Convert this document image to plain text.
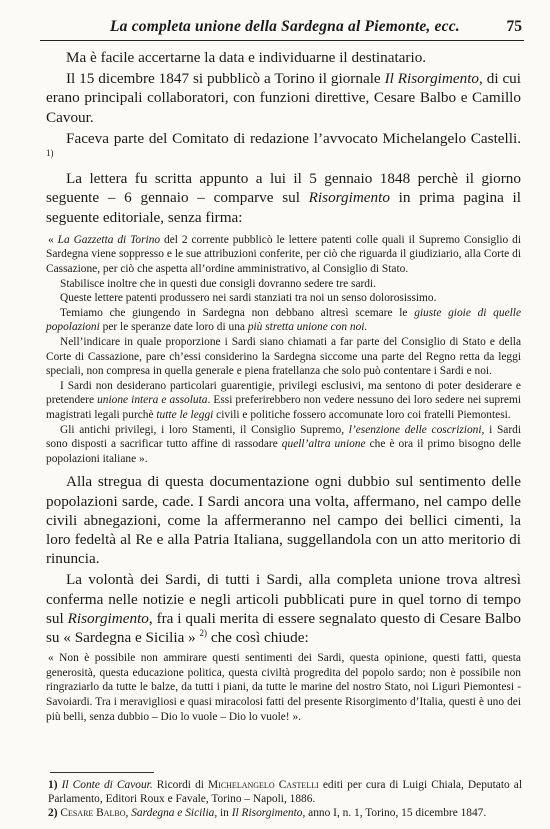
La completa unione della Sardegna al Piemonte, ecc.	75

Ma è facile accertarne la data e individuarne il destinatario.

Il 15 dicembre 1847 si pubblicò a Torino il giornale Il Risorgimento, di cui erano principali collaboratori, con funzioni direttive, Cesare Balbo e Camillo Cavour.

Faceva parte del Comitato di redazione l’avvocato Michelangelo Castelli. $^{1)}$

La lettera fu scritta appunto a lui il 5 gennaio 1848 perchè il giorno seguente – 6 gennaio – comparve sul Risorgimento in prima pagina il seguente editoriale, senza firma:

« La Gazzetta di Torino del 2 corrente pubblicò le lettere patenti colle quali il Supremo Consiglio di Sardegna viene soppresso e le sue attribuzioni conferite, per ciò che riguarda il giudiziario, alla Corte di Cassazione, per ciò che aspetta all’ordine amministrativo, al Consiglio di Stato.

Stabilisce inoltre che in questi due consigli dovranno sedere tre sardi.

Queste lettere patenti produssero nei sardi stanziati tra noi un senso dolorosissimo.

Temiamo che giungendo in Sardegna non debbano altresì scemare le giuste gioie di quelle popolazioni per le speranze date loro di una più stretta unione con noi.

Nell’indicare in quale proporzione i Sardi siano chiamati a far parte del Consiglio di Stato e della Corte di Cassazione, pare ch’essi considerino la Sardegna siccome una parte del Regno retta da leggi speciali, non compresa in quella generale e piena fratellanza che solo può contentare i Sardi e noi.

I Sardi non desiderano particolari guarentigie, privilegi esclusivi, ma sentono di poter desiderare e pretendere unione intera e assoluta. Essi preferirebbero non vedere nessuno dei loro sedere nei supremi magistrati legali purchè tutte le leggi civili e politiche fossero accomunate loro coi fratelli Piemontesi.

Gli antichi privilegi, i loro Stamenti, il Consiglio Supremo, l’esenzione delle coscrizioni, i Sardi sono disposti a sacrificar tutto affine di rassodare quell’altra unione che è ora il primo bisogno delle popolazioni italiane ».

Alla stregua di questa documentazione ogni dubbio sul sentimento delle popolazioni sarde, cade. I Sardi ancora una volta, affermano, nel campo delle civili abnegazioni, come la affermeranno nel campo dei bellici cimenti, la loro fedeltà al Re e alla Patria Italiana, suggellandola con un atto meritorio di rinuncia.

La volontà dei Sardi, di tutti i Sardi, alla completa unione trova altresì conferma nelle notizie e negli articoli pubblicati pure in quel torno di tempo sul Risorgimento, fra i quali merita di essere segnalato questo di Cesare Balbo su « Sardegna e Sicilia » $^{2)}$ che così chiude:

« Non è possibile non ammirare questi sentimenti dei Sardi, questa opinione, questi fatti, questa generosità, questa educazione politica, questa civiltà progredita del popolo sardo; non è possibile non ringraziarlo da tutte le balze, da tutti i piani, da tutte le marine del nostro Stato, noi Liguri Piemontesi - Savoiardi. Tra i meravigliosi e quasi miracolosi fatti del presente Risorgimento d’Italia, questi è uno dei più belli, senza dubbio – Dio lo vuole – Dio lo vuole! ».

1) Il Conte di Cavour. Ricordi di Michelangelo Castelli editi per cura di Luigi Chiala, Deputato al Parlamento, Editori Roux e Favale, Torino – Napoli, 1886.
2) Cesare Balbo, Sardegna e Sicilia, in Il Risorgimento, anno I, n. 1, Torino, 15 dicembre 1847.
